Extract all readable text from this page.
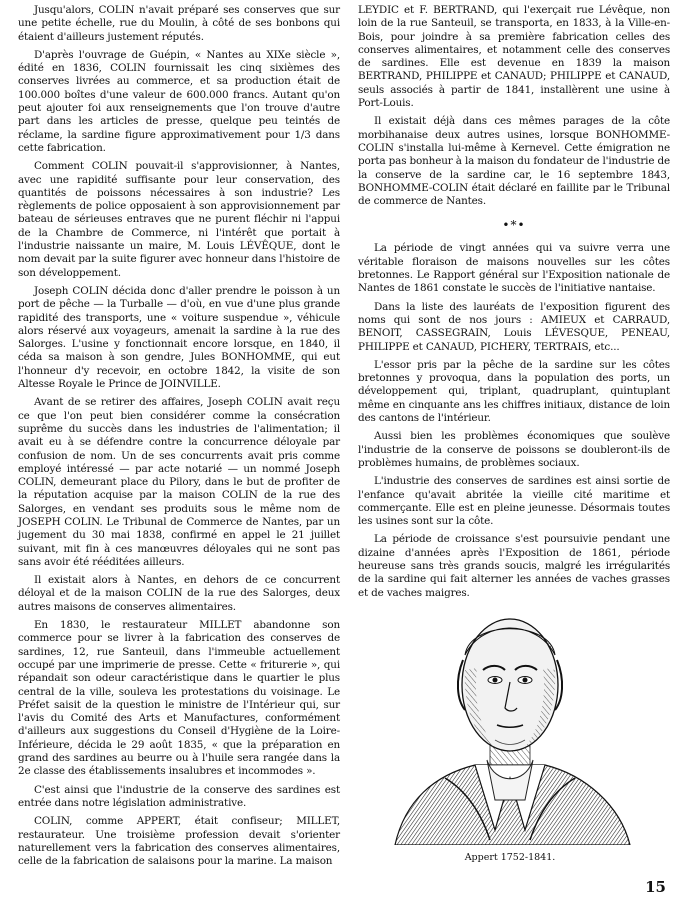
Jusqu'alors, COLIN n'avait préparé ses conserves que sur une petite échelle, rue du Moulin, à côté de ses bonbons qui étaient d'ailleurs justement réputés.

D'après l'ouvrage de Guépin, « Nantes au XIXe siècle », édité en 1836, COLIN fournissait les cinq sixièmes des conserves livrées au commerce, et sa production était de 100.000 boîtes d'une valeur de 600.000 francs. Autant qu'on peut ajouter foi aux renseignements que l'on trouve d'autre part dans les articles de presse, quelque peu teintés de réclame, la sardine figure approximativement pour 1/3 dans cette fabrication.

Comment COLIN pouvait-il s'approvisionner, à Nantes, avec une rapidité suffisante pour leur conservation, des quantités de poissons nécessaires à son industrie? Les règlements de police opposaient à son approvisionnement par bateau de sérieuses entraves que ne purent fléchir ni l'appui de la Chambre de Commerce, ni l'intérêt que portait à l'industrie naissante un maire, M. Louis LÉVÊQUE, dont le nom devait par la suite figurer avec honneur dans l'histoire de son développement.

Joseph COLIN décida donc d'aller prendre le poisson à un port de pêche — la Turballe — d'où, en vue d'une plus grande rapidité des transports, une « voiture suspendue », véhicule alors réservé aux voyageurs, amenait la sardine à la rue des Salorges. L'usine y fonctionnait encore lorsque, en 1840, il céda sa maison à son gendre, Jules BONHOMME, qui eut l'honneur d'y recevoir, en octobre 1842, la visite de son Altesse Royale le Prince de JOINVILLE.

Avant de se retirer des affaires, Joseph COLIN avait reçu ce que l'on peut bien considérer comme la consécration suprême du succès dans les industries de l'alimentation; il avait eu à se défendre contre la concurrence déloyale par confusion de nom. Un de ses concurrents avait pris comme employé intéressé — par acte notarié — un nommé Joseph COLIN, demeurant place du Pilory, dans le but de profiter de la réputation acquise par la maison COLIN de la rue des Salorges, en vendant ses produits sous le même nom de JOSEPH COLIN. Le Tribunal de Commerce de Nantes, par un jugement du 30 mai 1838, confirmé en appel le 21 juillet suivant, mit fin à ces manœuvres déloyales qui ne sont pas sans avoir été rééditées ailleurs.

Il existait alors à Nantes, en dehors de ce concurrent déloyal et de la maison COLIN de la rue des Salorges, deux autres maisons de conserves alimentaires.

En 1830, le restaurateur MILLET abandonne son commerce pour se livrer à la fabrication des conserves de sardines, 12, rue Santeuil, dans l'immeuble actuellement occupé par une imprimerie de presse. Cette « friturerie », qui répandait son odeur caractéristique dans le quartier le plus central de la ville, souleva les protestations du voisinage. Le Préfet saisit de la question le ministre de l'Intérieur qui, sur l'avis du Comité des Arts et Manufactures, conformément d'ailleurs aux suggestions du Conseil d'Hygiène de la Loire-Inférieure, décida le 29 août 1835, « que la préparation en grand des sardines au beurre ou à l'huile sera rangée dans la 2e classe des établissements insalubres et incommodes ».

C'est ainsi que l'industrie de la conserve des sardines est entrée dans notre législation administrative.

COLIN, comme APPERT, était confiseur; MILLET, restaurateur. Une troisième profession devait s'orienter naturellement vers la fabrication des conserves alimentaires, celle de la fabrication de salaisons pour la marine. La maison

LEYDIC et F. BERTRAND, qui l'exerçait rue Lévêque, non loin de la rue Santeuil, se transporta, en 1833, à la Ville-en-Bois, pour joindre à sa première fabrication celles des conserves alimentaires, et notamment celle des conserves de sardines. Elle est devenue en 1839 la maison BERTRAND, PHILIPPE et CANAUD; PHILIPPE et CANAUD, seuls associés à partir de 1841, installèrent une usine à Port-Louis.

Il existait déjà dans ces mêmes parages de la côte morbihanaise deux autres usines, lorsque BONHOMME-COLIN s'installa lui-même à Kernevel. Cette émigration ne porta pas bonheur à la maison du fondateur de l'industrie de la conserve de la sardine car, le 16 septembre 1843, BONHOMME-COLIN était déclaré en faillite par le Tribunal de commerce de Nantes.

•*•

La période de vingt années qui va suivre verra une véritable floraison de maisons nouvelles sur les côtes bretonnes. Le Rapport général sur l'Exposition nationale de Nantes de 1861 constate le succès de l'initiative nantaise.

Dans la liste des lauréats de l'exposition figurent des noms qui sont de nos jours : AMIEUX et CARRAUD, BENOIT, CASSEGRAIN, Louis LÉVESQUE, PENEAU, PHILIPPE et CANAUD, PICHERY, TERTRAIS, etc...

L'essor pris par la pêche de la sardine sur les côtes bretonnes y provoqua, dans la population des ports, un développement qui, triplant, quadruplant, quintuplant même en cinquante ans les chiffres initiaux, distance de loin des cantons de l'intérieur.

Aussi bien les problèmes économiques que soulève l'industrie de la conserve de poissons se doubleront-ils de problèmes humains, de problèmes sociaux.

L'industrie des conserves de sardines est ainsi sortie de l'enfance qu'avait abritée la vieille cité maritime et commerçante. Elle est en pleine jeunesse. Désormais toutes les usines sont sur la côte.

La période de croissance s'est poursuivie pendant une dizaine d'années après l'Exposition de 1861, période heureuse sans très grands soucis, malgré les irrégularités de la sardine qui fait alterner les années de vaches grasses et de vaches maigres.

Appert 1752-1841.
15
